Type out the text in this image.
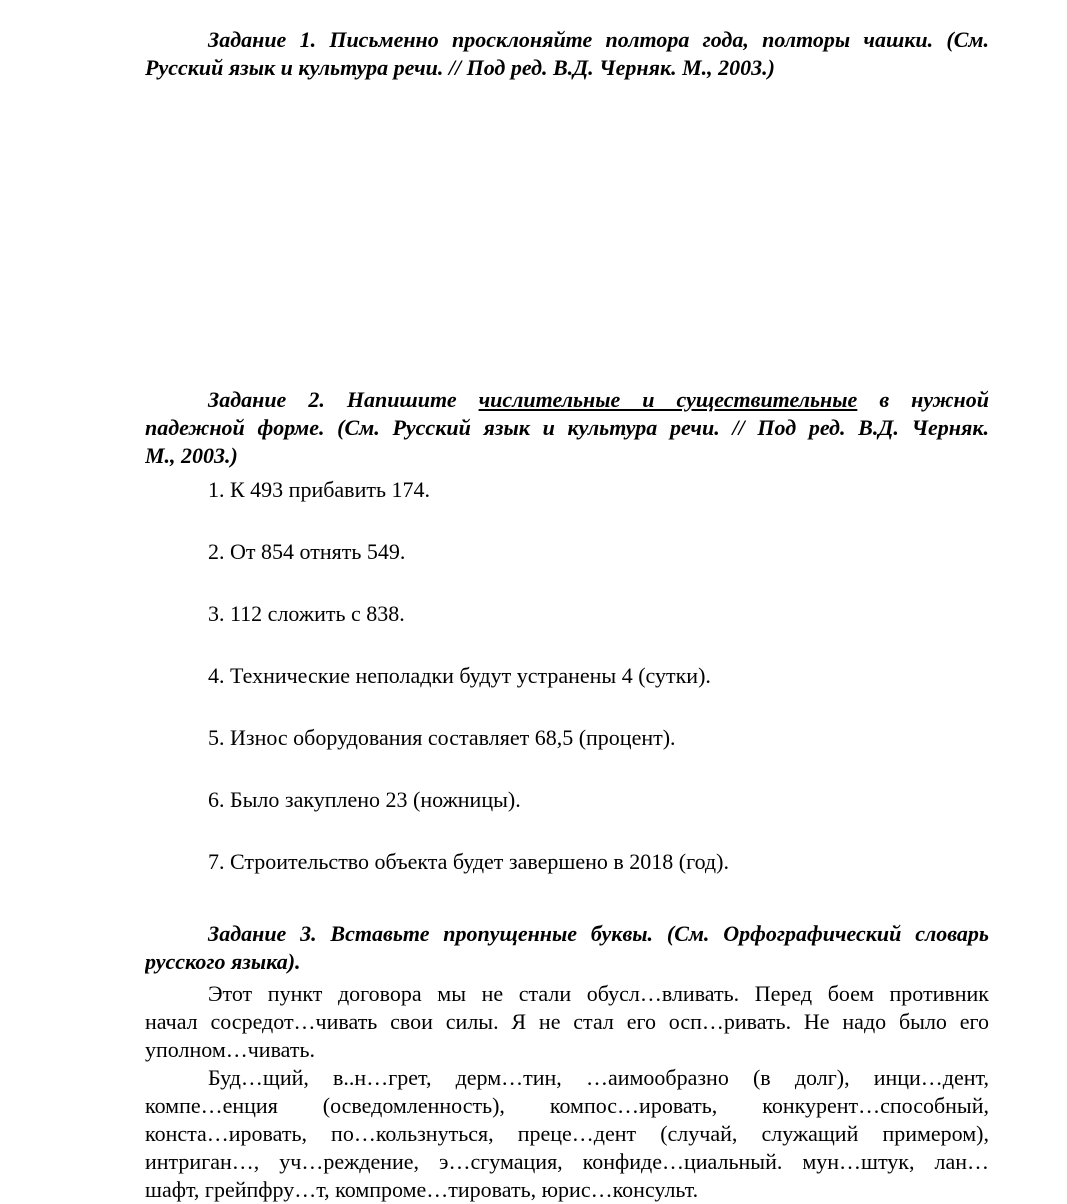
Задание 1. Письменно просклоняйте полтора года, полторы чашки. (См.
Русский язык и культура речи. // Под ред. В.Д. Черняк. М., 2003.)
Задание 2. Напишите числительные и существительные в нужной
падежной форме. (См. Русский язык и культура речи. // Под ред. В.Д. Черняк.
М., 2003.)
1. К 493 прибавить 174.
2. От 854 отнять 549.
3. 112 сложить с 838.
4. Технические неполадки будут устранены 4 (сутки).
5. Износ оборудования составляет 68,5 (процент).
6. Было закуплено 23 (ножницы).
7. Строительство объекта будет завершено в 2018 (год).
Задание 3. Вставьте пропущенные буквы. (См. Орфографический словарь
русского языка).
Этот пункт договора мы не стали обусл…вливать. Перед боем противник
начал сосредот…чивать свои силы. Я не стал его осп…ривать. Не надо было его
уполном…чивать.
Буд…щий, в..н…грет, дерм…тин, …аимообразно (в долг), инци…дент,
компе…енция (осведомленность), компос…ировать, конкурент…способный,
конста…ировать, по…кользнуться, преце…дент (случай, служащий примером),
интриган…, уч…реждение, э…сгумация, конфиде…циальный. мун…штук, лан…
шафт, грейпфру…т, компроме…тировать, юрис…консульт.
